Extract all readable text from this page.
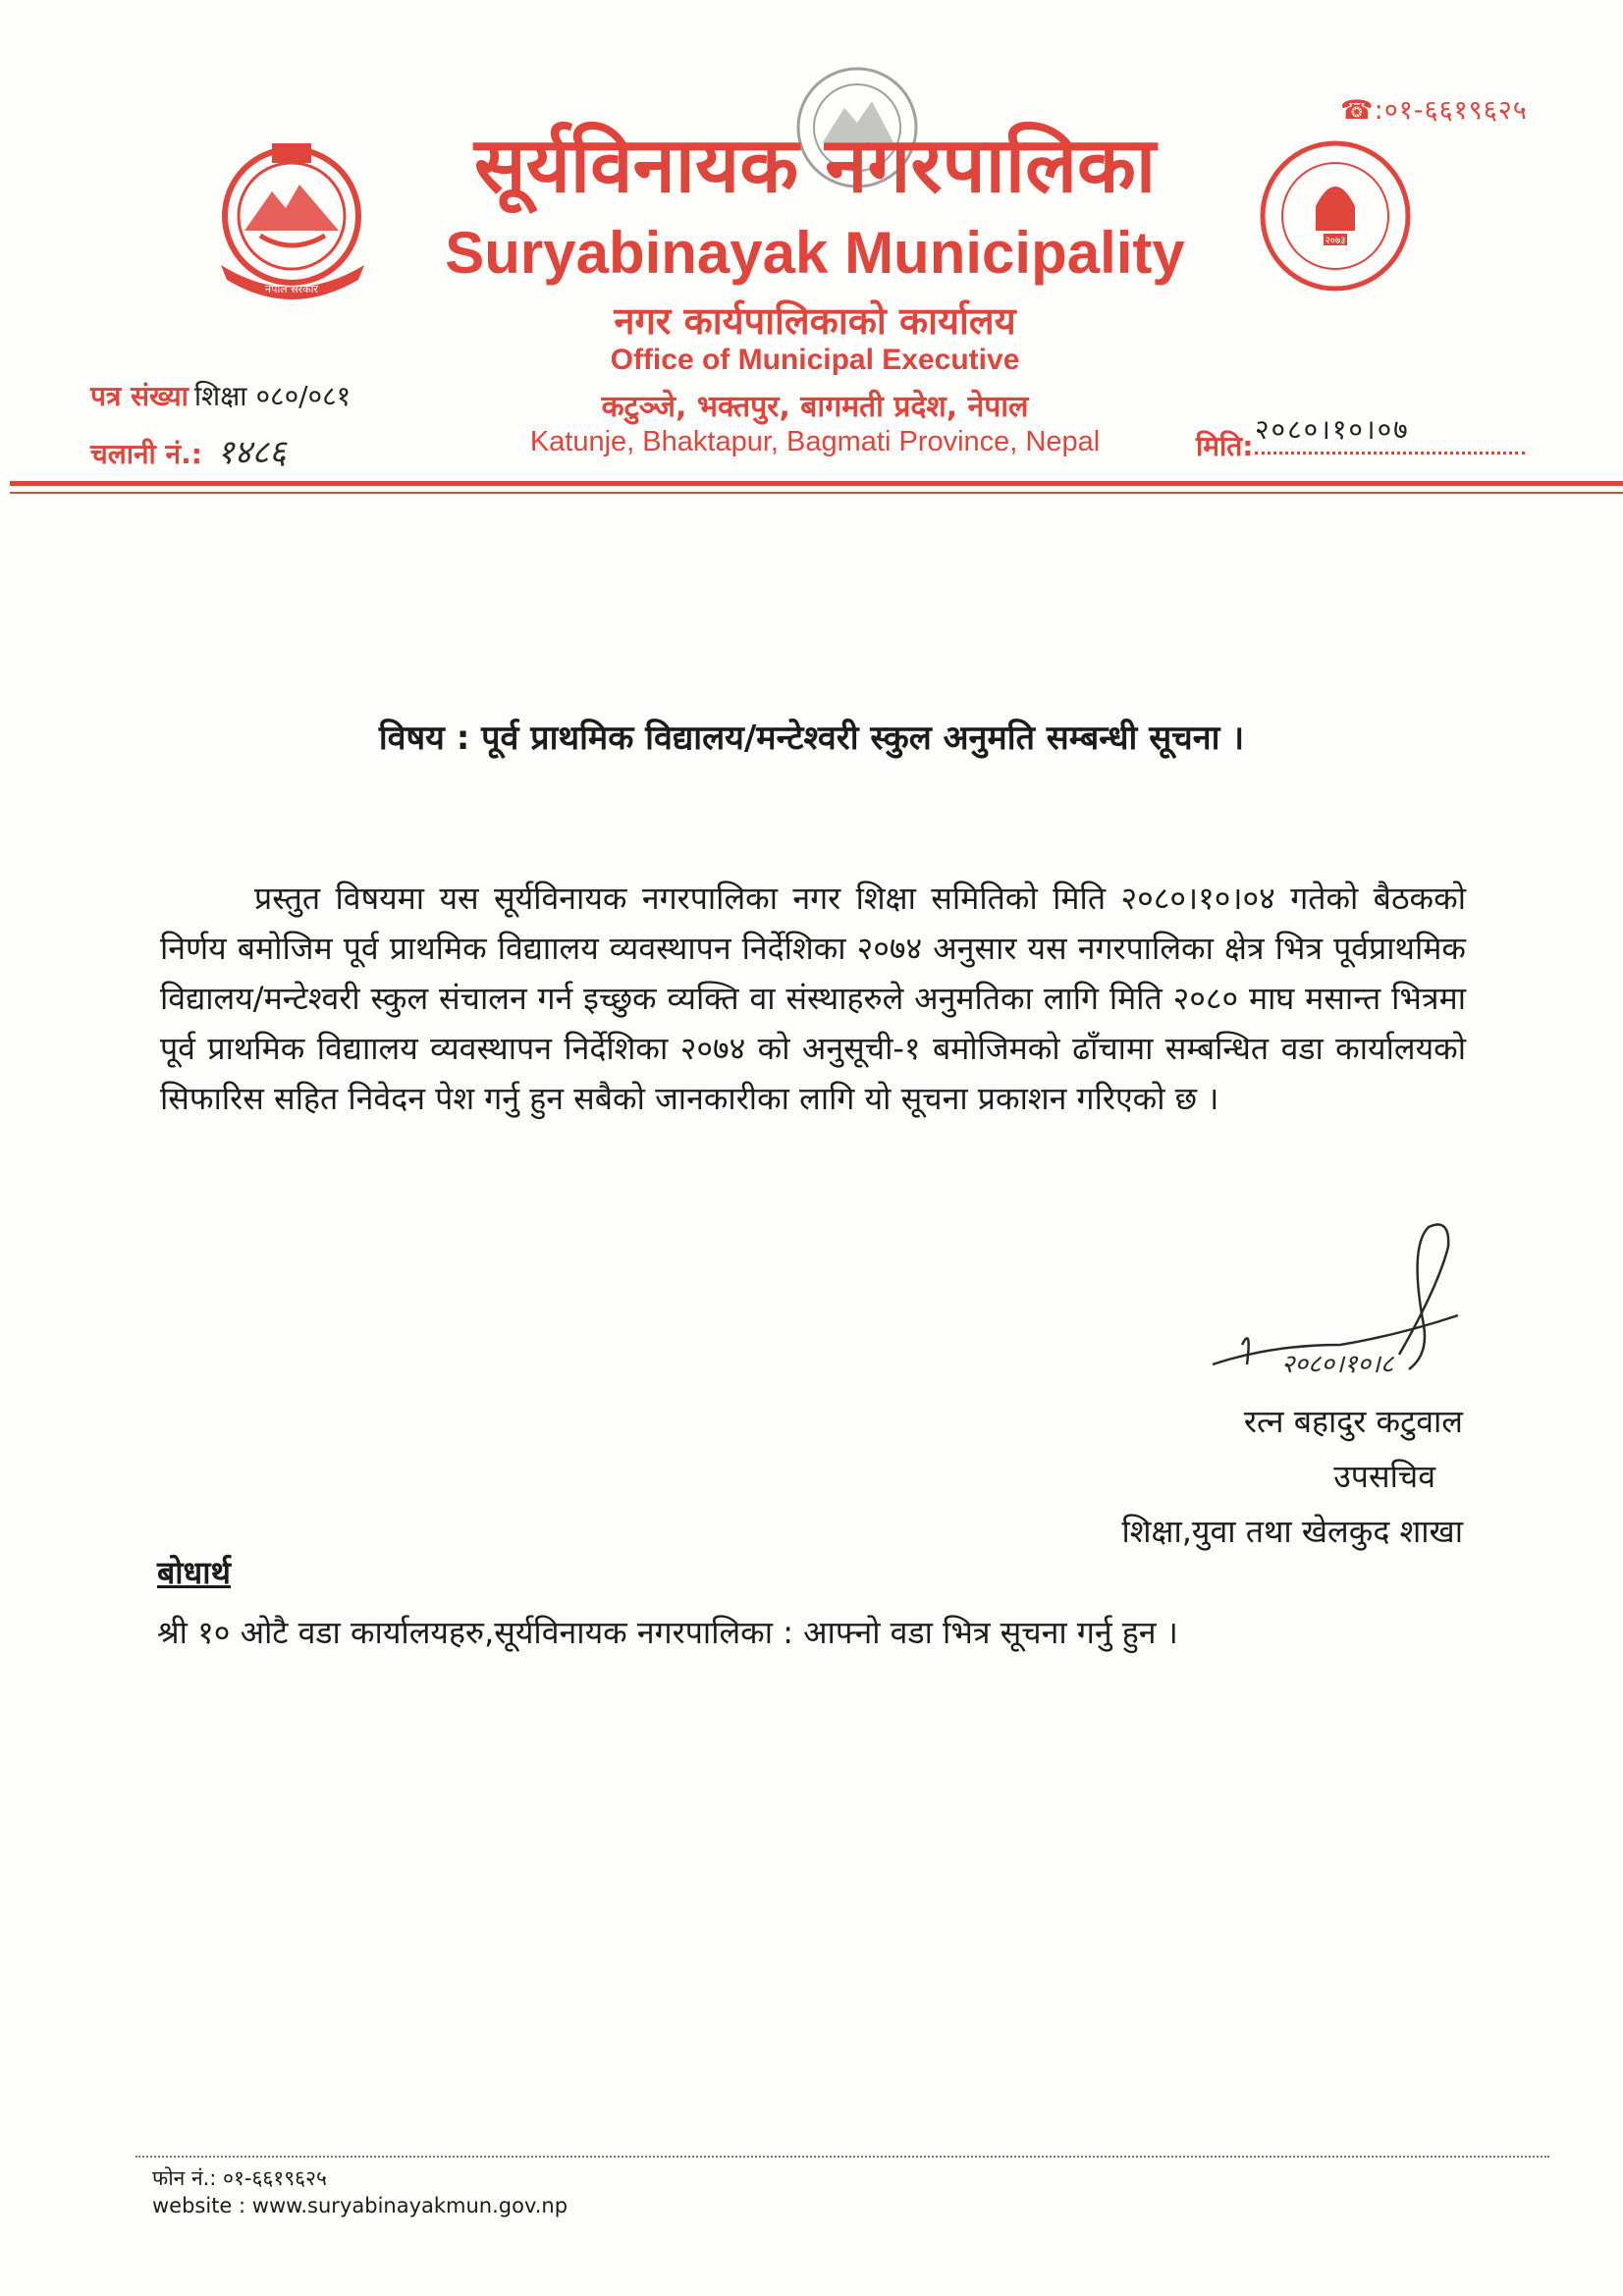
☎:०१-६६१९६२५
नेपाल सरकार
सूर्यविनायक नगरपालिका
Suryabinayak Municipality	२०७३
नगर कार्यपालिकाको कार्यालय
Office of Municipal Executive
कटुञ्जे, भक्तपुर, बागमती प्रदेश, नेपाल
Katunje, Bhaktapur, Bagmati Province, Nepal
पत्र संख्या शिक्षा ०८०/०८१
चलानी नं.: १४८६
२०८०।१०।०७
मिति:
विषय : पूर्व प्राथमिक विद्यालय/मन्टेश्वरी स्कुल अनुमति सम्बन्धी सूचना ।
प्रस्तुत विषयमा यस सूर्यविनायक नगरपालिका नगर शिक्षा समितिको मिति २०८०।१०।०४ गतेको बैठकको निर्णय बमोजिम पूर्व प्राथमिक विद्याालय व्यवस्थापन निर्देशिका २०७४ अनुसार यस नगरपालिका क्षेत्र भित्र पूर्वप्राथमिक विद्यालय/मन्टेश्वरी स्कुल संचालन गर्न इच्छुक व्यक्ति वा संस्थाहरुले अनुमतिका लागि मिति २०८० माघ मसान्त भित्रमा पूर्व प्राथमिक विद्याालय व्यवस्थापन निर्देशिका २०७४ को अनुसूची-१ बमोजिमको ढाँचामा सम्बन्धित वडा कार्यालयको सिफारिस सहित निवेदन पेश गर्नु हुन सबैको जानकारीका लागि यो सूचना प्रकाशन गरिएको छ ।
२०८०।१०।८
रत्न बहादुर कटुवाल
उपसचिव
शिक्षा,युवा तथा खेलकुद शाखा
बोधार्थ
श्री १० ओटै वडा कार्यालयहरु,सूर्यविनायक नगरपालिका : आफ्नो वडा भित्र सूचना गर्नु हुन ।
फोन नं.: ०१-६६१९६२५
website : www.suryabinayakmun.gov.np
